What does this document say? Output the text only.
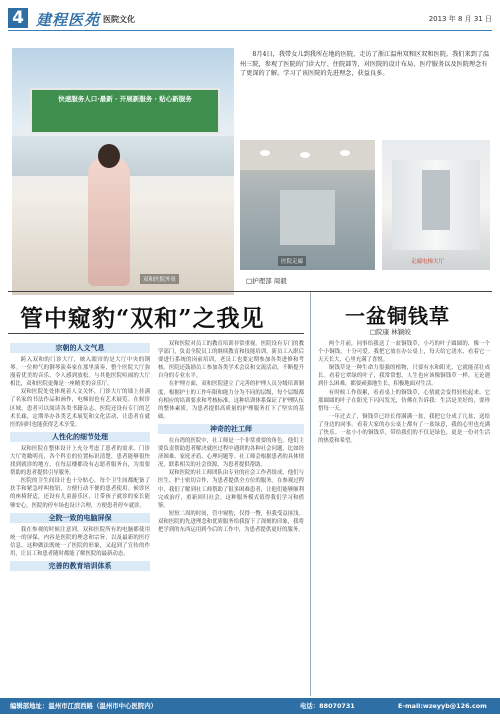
4 建程医苑 医院文化	2013 年 8 月 31 日
8月4日，我带女儿到我所在地的医院，走访了浙江温州双和区双和医院。我们来到了温州三院，参观了医院的门诊大厅、住院部等，对医院的设计布局、医疗服务以及医院理念有了更深的了解。学习了该医院的先进理念，获益良多。
快速服务人口·最新 · 开展新服务 · 贴心新服务
双和医院外景
医院走廊	走廊电梯大厅
□护理部 周毅
管中窥豹“双和”之我见
宗朝的人文气息

跨入双和的门诊大厅，映入眼帘的是大厅中央的钢琴。一位帅气的钢琴演奏家在那里演奏，整个医院大厅弥漫着优美的音乐，令人感到放松。与其他医院喧闹的大厅相比，双和医院更像是一座精美的音乐厅。

双和医院处处体现着人文关怀，门诊大厅的墙上挂满了名家的书法作品和画作，电梯间也有艺术展览。在候诊区域，患者可以阅读各类书籍杂志。医院还设有专门的艺术长廊，定期举办各类艺术展览和文化活动，让患者在就医的同时也能获得艺术享受。

人性化的细节处理

双和医院在整体设计上充分考虑了患者的需求。门诊大厅宽敞明亮，各个科室的位置标识清楚，患者能够很快找到就诊的地方。在每层楼都设有志愿者服务台，为需要帮助的患者提供引导服务。

医院的卫生间设计也十分贴心，每个卫生间都配备了扶手和紧急呼叫按钮，方便行动不便的患者使用。候诊区的座椅舒适，还设有儿童游乐区，让带孩子就诊的家长能够安心。医院的停车场也设计合理，方便患者停车就诊。

全院一致的电脑屏保

我在参观的时候注意到，双和医院所有的电脑都使用统一的屏保，内容是医院的理念和宗旨，以及最新的医疗信息。这种做法既统一了医院的形象，又起到了宣传的作用，让员工和患者随时都能了解医院的最新动态。

完善的教育培训体系

双和医院对员工的教育培训非常重视。医院设有专门的教学部门，负责全院员工的继续教育和技能培训。新员工入职后要进行系统的岗前培训，老员工也要定期参加各类进修和考核。医院还鼓励员工参加各类学术会议和交流活动，不断提升自身的专业水平。

在护理方面，双和医院建立了完善的护理人员分级培训制度，根据护士的工作年限和能力分为不同的层级，每个层级都有相应的培训要求和考核标准。这种培训体系保证了护理队伍的整体素质，为患者提供高质量的护理服务打下了坚实的基础。

神奇的社工师

在台湾的医院中，社工师是一个非常重要的角色。他们主要负责帮助患者解决就医过程中遇到的各种社会问题，比如经济困难、家庭矛盾、心理问题等。社工师会根据患者的具体情况，联系相关的社会资源，为患者提供帮助。

双和医院的社工师团队由专业的社会工作者组成，他们与医生、护士密切合作，为患者提供全方位的服务。在参观过程中，我们了解到社工师帮助了很多困难患者，让他们能够顺利完成治疗，重新回归社会。这种服务模式值得我们学习和借鉴。

短短二周的时间，管中窥豹，仅得一瞥，但我受益匪浅。双和医院的先进理念和优质服务给我留下了深刻的印象，我将把学到的东西运用到今后的工作中，为患者提供更好的服务。

一盆铜钱草
□院康 林颖皎

两个月前，同事给我送了一盆铜钱草，小巧的叶子圆圆的，像一个个小铜钱，十分可爱。我把它放在办公桌上，每天给它浇水，看着它一天天长大，心里充满了喜悦。

铜钱草是一种生命力很强的植物，只要有水和阳光，它就能茁壮成长。看着它翠绿的叶子，我常常想，人生也应该像铜钱草一样，无论遇到什么困难，都要顽强地生长，积极地面对生活。

有时候工作很累，看看桌上的铜钱草，心情就会变得轻松起来。它那圆圆的叶子在阳光下闪闪发光，仿佛在告诉我：生活是美好的，要珍惜每一天。

一年过去了，铜钱草已经长得满满一盆，我把它分成了几盆，送给了身边的同事。看着大家的办公桌上都有了一盆绿意，我的心里也充满了快乐。一盆小小的铜钱草，带给我们的不仅是绿色，更是一份对生活的热爱和希望。

编辑部地址：温州市江滨西路（温州市中心医院内）	电话：88070731	E-mail:wzeyyb@126.com
